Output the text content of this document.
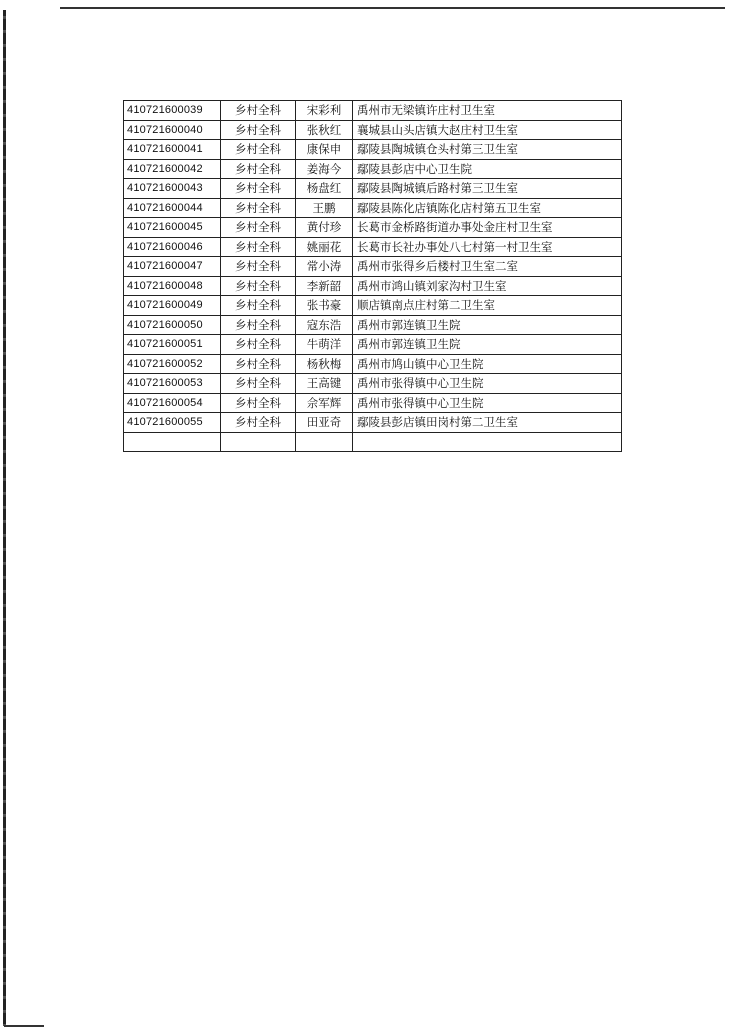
410721600039	乡村全科	宋彩利	禹州市无梁镇许庄村卫生室
410721600040	乡村全科	张秋红	襄城县山头店镇大赵庄村卫生室
410721600041	乡村全科	康保申	鄢陵县陶城镇仓头村第三卫生室
410721600042	乡村全科	姜海今	鄢陵县彭店中心卫生院
410721600043	乡村全科	杨盘红	鄢陵县陶城镇后路村第三卫生室
410721600044	乡村全科	王鹏	鄢陵县陈化店镇陈化店村第五卫生室
410721600045	乡村全科	黄付珍	长葛市金桥路街道办事处金庄村卫生室
410721600046	乡村全科	姚丽花	长葛市长社办事处八七村第一村卫生室
410721600047	乡村全科	常小涛	禹州市张得乡后楼村卫生室二室
410721600048	乡村全科	李新韶	禹州市鸿山镇刘家沟村卫生室
410721600049	乡村全科	张书豪	顺店镇南点庄村第二卫生室
410721600050	乡村全科	寇东浩	禹州市郭连镇卫生院
410721600051	乡村全科	牛萌洋	禹州市郭连镇卫生院
410721600052	乡村全科	杨秋梅	禹州市鸠山镇中心卫生院
410721600053	乡村全科	王高键	禹州市张得镇中心卫生院
410721600054	乡村全科	佘军辉	禹州市张得镇中心卫生院
410721600055	乡村全科	田亚奇	鄢陵县彭店镇田岗村第二卫生室
